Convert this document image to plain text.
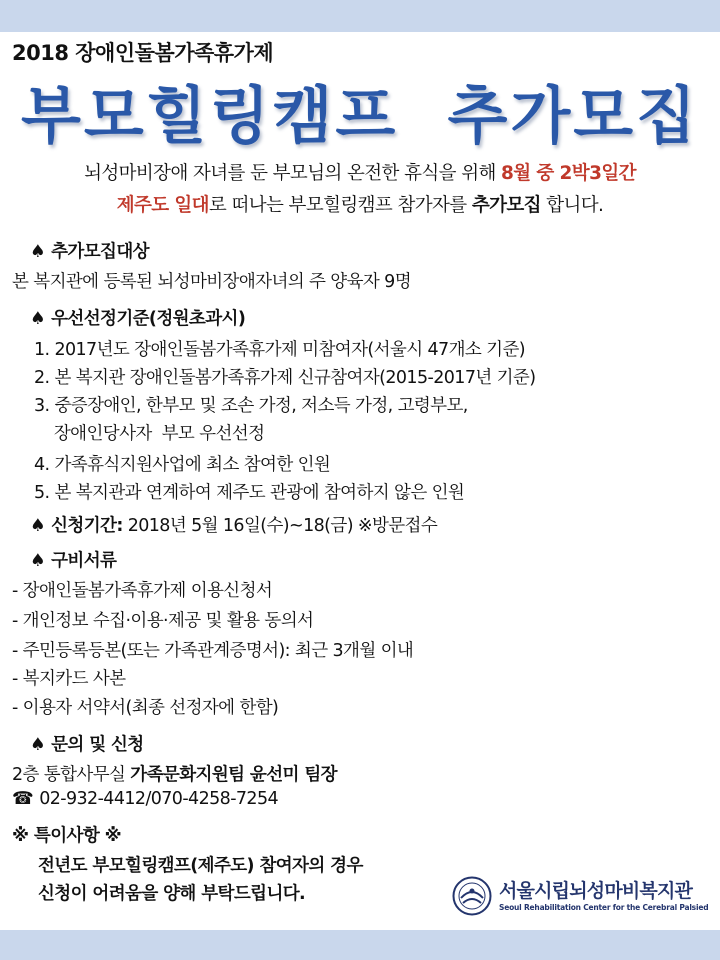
2018 장애인돌봄가족휴가제
부모힐링캠프  추가모집
뇌성마비장애 자녀를 둔 부모님의 온전한 휴식을 위해 8월 중 2박3일간
제주도 일대로 떠나는 부모힐링캠프 참가자를 추가모집 합니다.
♠ 추가모집대상
본 복지관에 등록된 뇌성마비장애자녀의 주 양육자 9명
♠ 우선선정기준(정원초과시)
1. 2017년도 장애인돌봄가족휴가제 미참여자(서울시 47개소 기준)
2. 본 복지관 장애인돌봄가족휴가제 신규참여자(2015-2017년 기준)
3. 중증장애인, 한부모 및 조손 가정, 저소득 가정, 고령부모,
장애인당사자  부모 우선선정
4. 가족휴식지원사업에 최소 참여한 인원
5. 본 복지관과 연계하여 제주도 관광에 참여하지 않은 인원
♠ 신청기간: 2018년 5월 16일(수)~18(금) ※방문접수
♠ 구비서류
- 장애인돌봄가족휴가제 이용신청서
- 개인정보 수집·이용·제공 및 활용 동의서
- 주민등록등본(또는 가족관계증명서): 최근 3개월 이내
- 복지카드 사본
- 이용자 서약서(최종 선정자에 한함)
♠ 문의 및 신청
2층 통합사무실 가족문화지원팀 윤선미 팀장
☎ 02-932-4412/070-4258-7254
※ 특이사항 ※
전년도 부모힐링캠프(제주도) 참여자의 경우
신청이 어려움을 양해 부탁드립니다.	서울시립뇌성마비복지관
Seoul Rehabilitation Center for the Cerebral Palsied
